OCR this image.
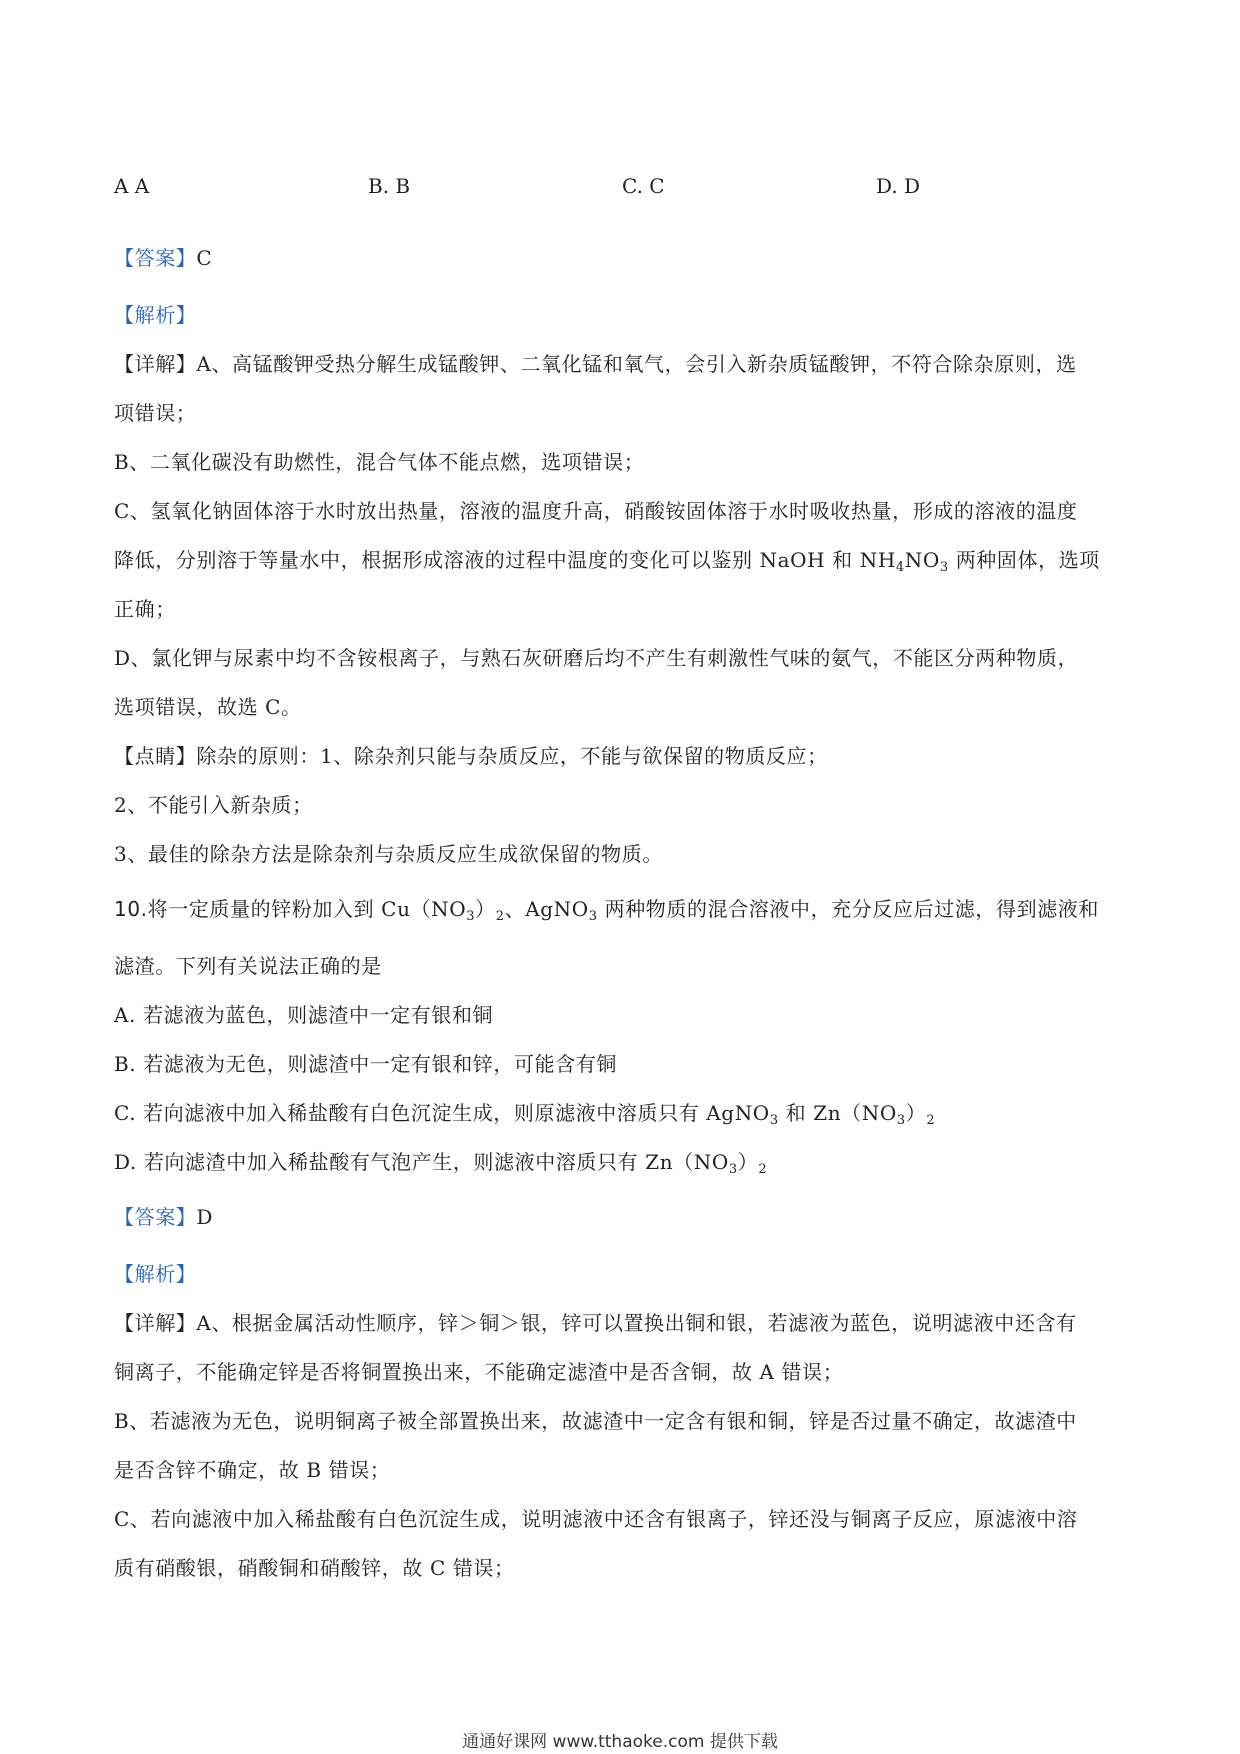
A A	B. B	C. C	D. D
【答案】C
【解析】
【详解】A、高锰酸钾受热分解生成锰酸钾、二氧化锰和氧气，会引入新杂质锰酸钾，不符合除杂原则，选
项错误；
B、二氧化碳没有助燃性，混合气体不能点燃，选项错误；
C、氢氧化钠固体溶于水时放出热量，溶液的温度升高，硝酸铵固体溶于水时吸收热量，形成的溶液的温度
降低，分别溶于等量水中，根据形成溶液的过程中温度的变化可以鉴别 NaOH 和 $NH_4NO_3$ 两种固体，选项
正确；
D、氯化钾与尿素中均不含铵根离子，与熟石灰研磨后均不产生有刺激性气味的氨气，不能区分两种物质，
选项错误，故选 C。
【点睛】除杂的原则：1、除杂剂只能与杂质反应，不能与欲保留的物质反应；
2、不能引入新杂质；
3、最佳的除杂方法是除杂剂与杂质反应生成欲保留的物质。
10.将一定质量的锌粉加入到 $Cu(NO_3)_2$、AgNO$_3$ 两种物质的混合溶液中，充分反应后过滤，得到滤液和
滤渣。下列有关说法正确的是
A. 若滤液为蓝色，则滤渣中一定有银和铜
B. 若滤液为无色，则滤渣中一定有银和锌，可能含有铜
C. 若向滤液中加入稀盐酸有白色沉淀生成，则原滤液中溶质只有 AgNO$_3$ 和 $Zn(NO_3)_2$
D. 若向滤渣中加入稀盐酸有气泡产生，则滤液中溶质只有 $Zn(NO_3)_2$
【答案】D
【解析】
【详解】A、根据金属活动性顺序，锌＞铜＞银，锌可以置换出铜和银，若滤液为蓝色，说明滤液中还含有
铜离子，不能确定锌是否将铜置换出来，不能确定滤渣中是否含铜，故 A 错误；
B、若滤液为无色，说明铜离子被全部置换出来，故滤渣中一定含有银和铜，锌是否过量不确定，故滤渣中
是否含锌不确定，故 B 错误；
C、若向滤液中加入稀盐酸有白色沉淀生成，说明滤液中还含有银离子，锌还没与铜离子反应，原滤液中溶
质有硝酸银，硝酸铜和硝酸锌，故 C 错误；
通通好课网 www.tthaoke.com 提供下载
